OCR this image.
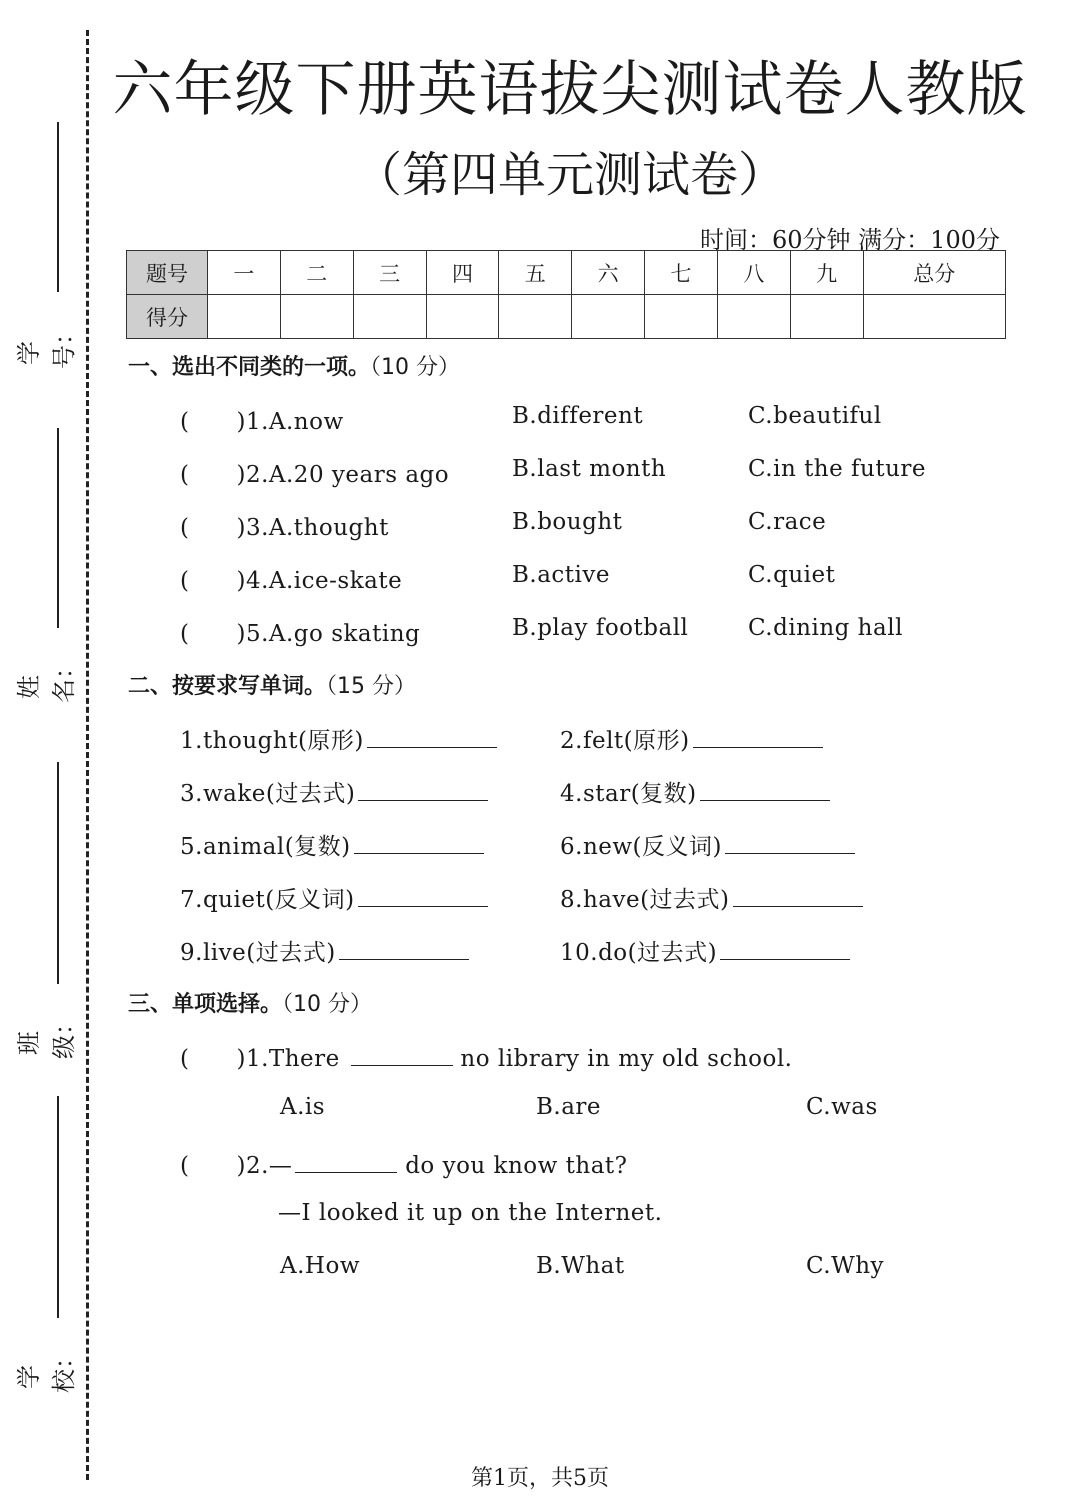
学号：
姓名：
班级：
学校：
六年级下册英语拔尖测试卷人教版
（第四单元测试卷）
时间：60分钟 满分：100分
题号	一	二	三	四	五	六	七	八	九	总分
得分										
一、选出不同类的一项。（10 分）
(　　)1.A.now	B.different	C.beautiful
(　　)2.A.20 years ago	B.last month	C.in the future
(　　)3.A.thought	B.bought	C.race
(　　)4.A.ice-skate	B.active	C.quiet
(　　)5.A.go skating	B.play football	C.dining hall
二、按要求写单词。（15 分）
1.thought(原形)	2.felt(原形)
3.wake(过去式)	4.star(复数)
5.animal(复数)	6.new(反义词)
7.quiet(反义词)	8.have(过去式)
9.live(过去式)	10.do(过去式)
三、单项选择。（10 分）
(　　)1.There	no library in my old school.
A.is	B.are	C.was
(　　)2.—	do you know that?
—I looked it up on the Internet.
A.How	B.What	C.Why
第1页，共5页
